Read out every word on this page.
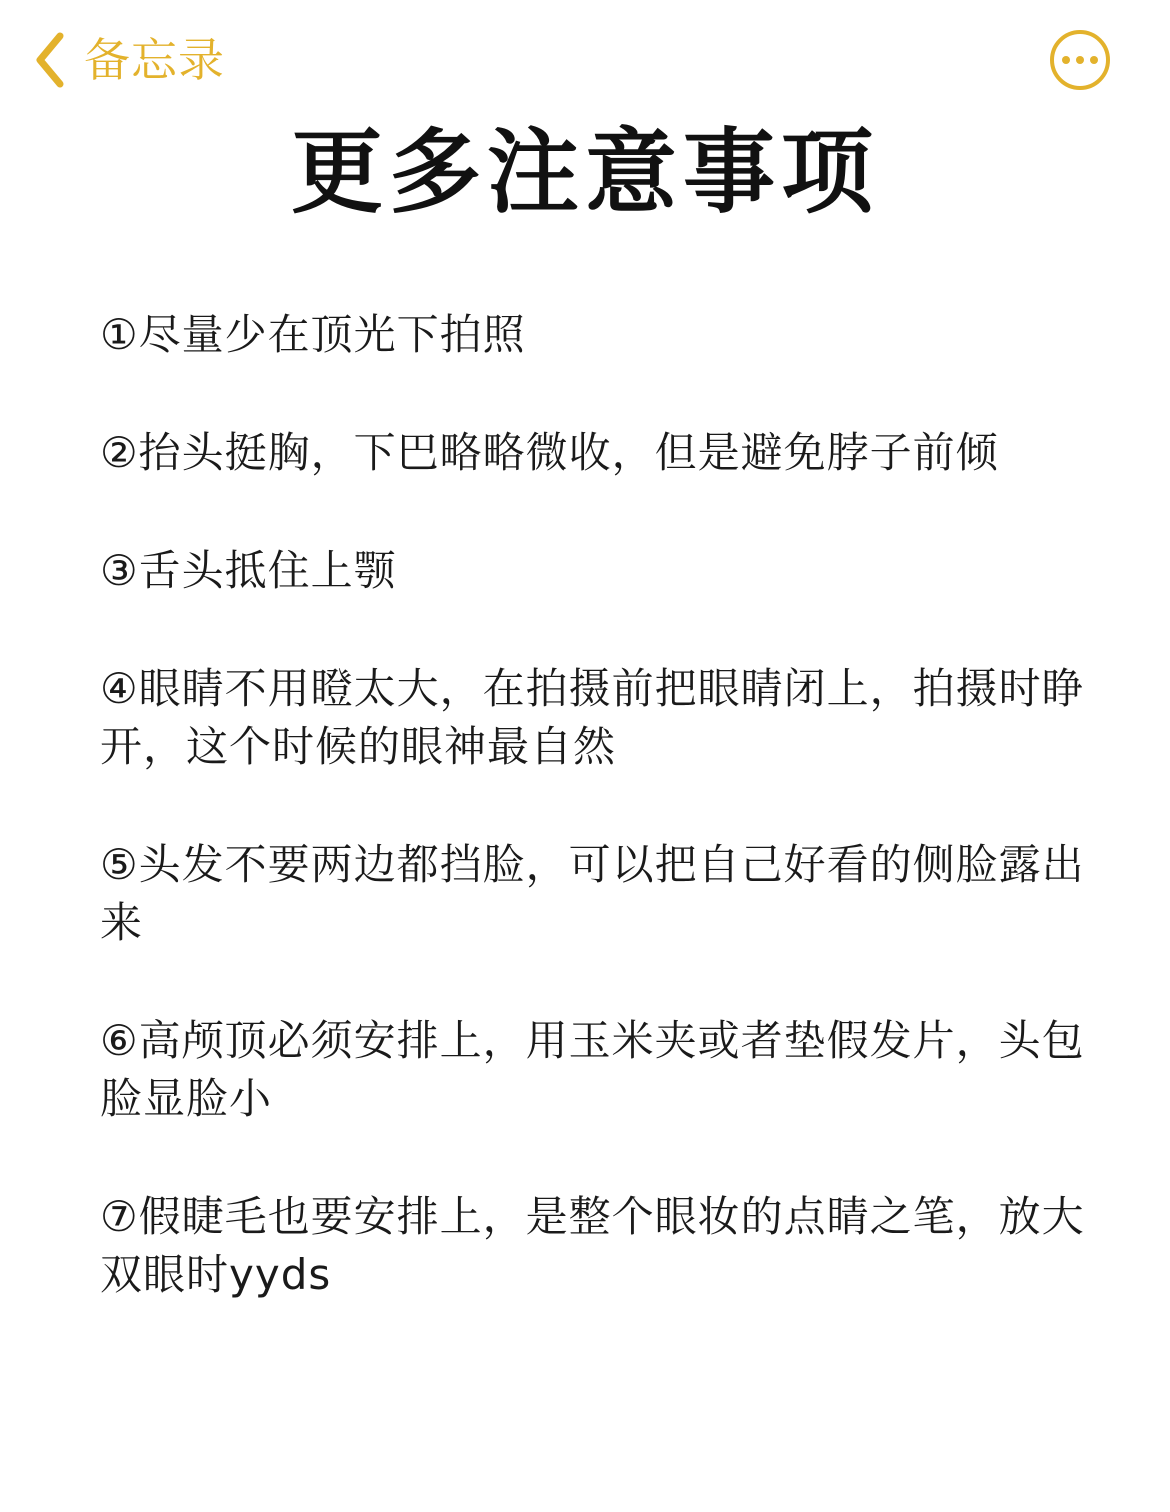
备忘录
更多注意事项
①尽量少在顶光下拍照
②抬头挺胸，下巴略略微收，但是避免脖子前倾
③舌头抵住上颚
④眼睛不用瞪太大，在拍摄前把眼睛闭上，拍摄时睁开，这个时候的眼神最自然
⑤头发不要两边都挡脸，可以把自己好看的侧脸露出来
⑥高颅顶必须安排上，用玉米夹或者垫假发片，头包脸显脸小
⑦假睫毛也要安排上，是整个眼妆的点睛之笔，放大双眼时yyds
